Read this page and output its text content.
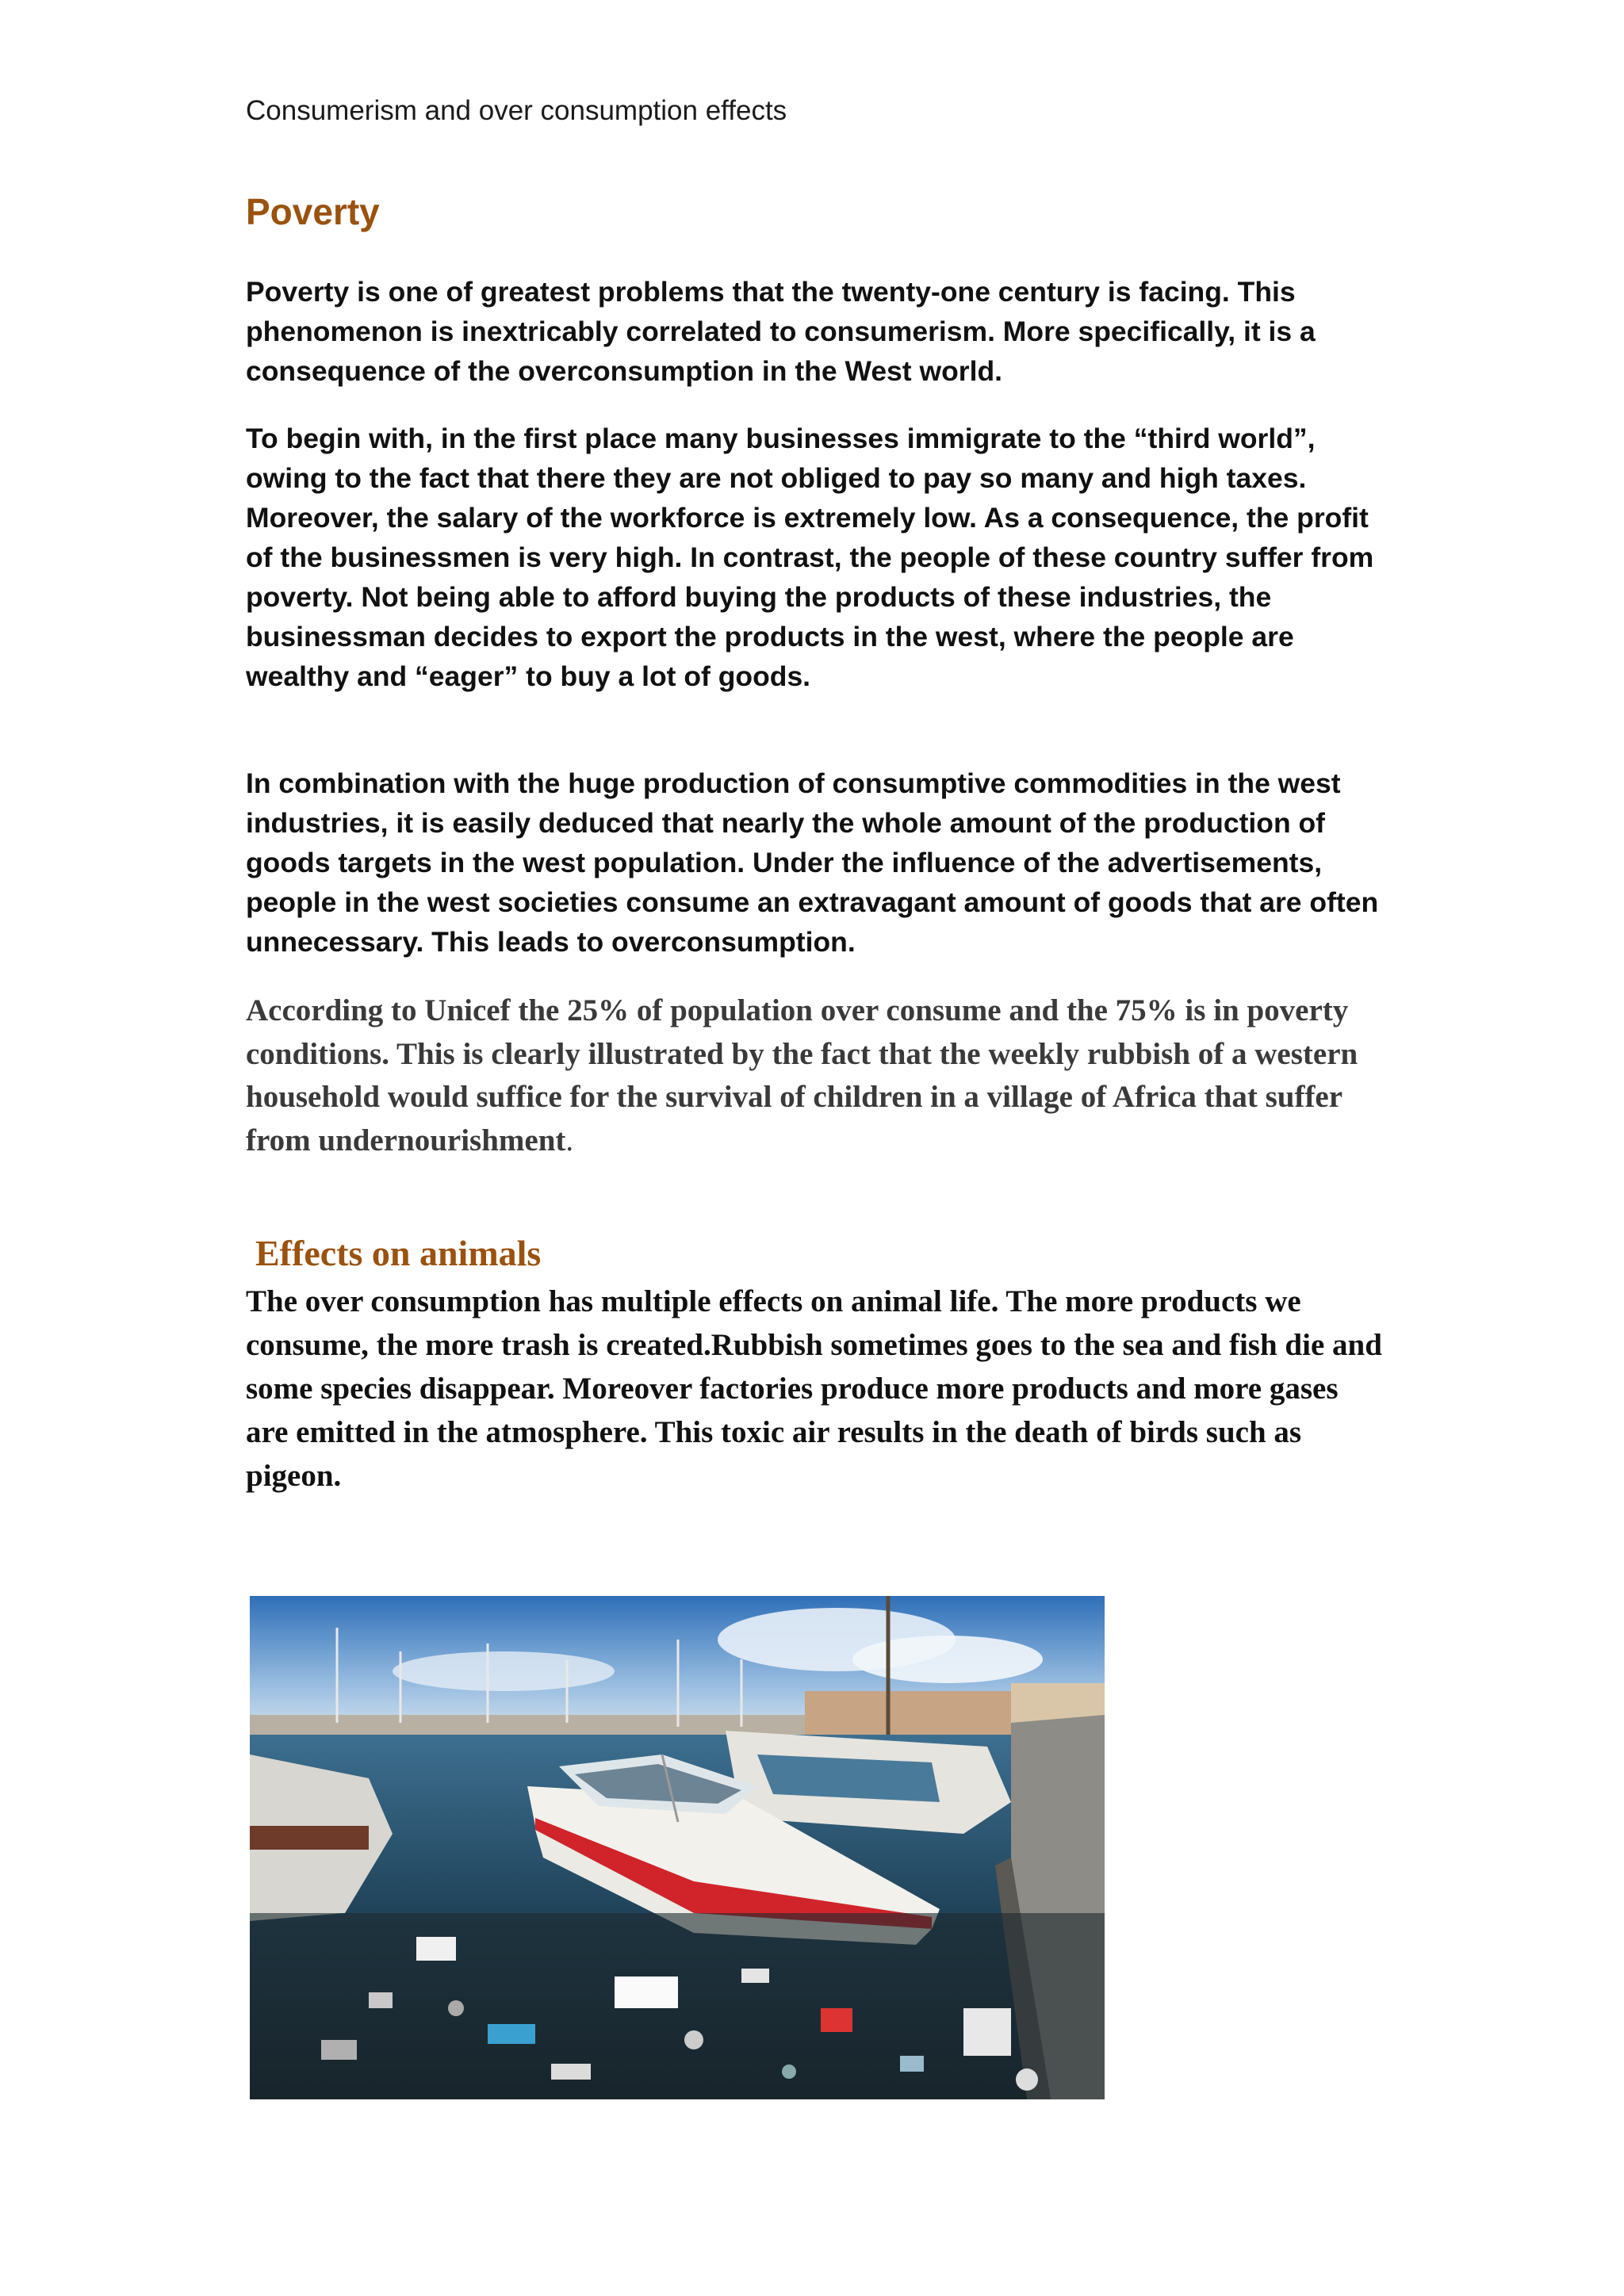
Consumerism and over consumption effects

Poverty

Poverty is one of greatest problems that the twenty-one century is facing. This phenomenon is inextricably correlated to consumerism. More specifically, it is a consequence of the overconsumption in the West world.

To begin with, in the first place many businesses immigrate to the “third world”, owing to the fact that there they are not obliged to pay so many and high taxes. Moreover, the salary of the workforce is extremely low. As a consequence, the profit of the businessmen is very high. In contrast, the people of these country suffer from poverty. Not being able to afford buying the products of these industries, the businessman decides to export the products in the west, where the people are wealthy and “eager” to buy a lot of goods.

In combination with the huge production of consumptive commodities in the west industries, it is easily deduced that nearly the whole amount of the production of goods targets in the west population. Under the influence of the advertisements, people in the west societies consume an extravagant amount of goods that are often unnecessary. This leads to overconsumption.

According to Unicef the 25% of population over consume and the 75% is in poverty conditions. This is clearly illustrated by the fact that the weekly rubbish of a western household would suffice for the survival of children in a village of Africa that suffer from undernourishment.

Effects on animals

The over consumption has multiple effects on animal life. The more products we consume, the more trash is created.Rubbish sometimes goes to the sea and fish die and some species disappear. Moreover factories produce more products and more gases are emitted in the atmosphere. This toxic air results in the death of birds such as pigeon.
